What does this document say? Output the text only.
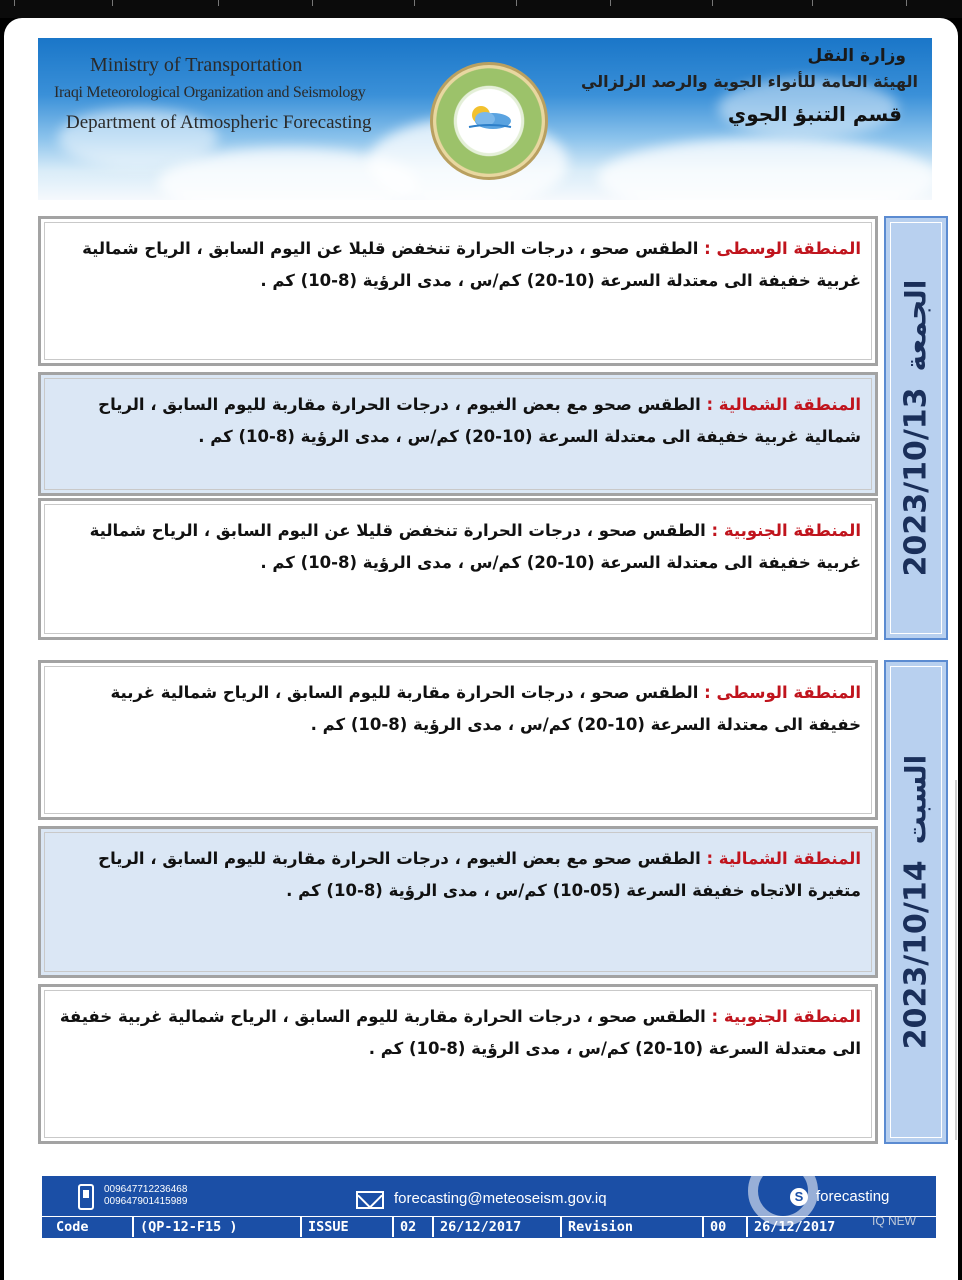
Ministry of Transportation
Iraqi Meteorological Organization and Seismology
Department of Atmospheric Forecasting
وزارة النقل
الهيئة العامة للأنواء الجوية والرصد الزلزالي
قسم التنبؤ الجوي

المنطقة الوسطى : الطقس صحو ، درجات الحرارة تنخفض قليلا عن اليوم السابق ، الرياح شمالية غربية خفيفة الى معتدلة السرعة (10-20) كم/س ، مدى الرؤية (8-10) كم .

المنطقة الشمالية : الطقس صحو مع بعض الغيوم ، درجات الحرارة مقاربة لليوم السابق ، الرياح شمالية غربية خفيفة الى معتدلة السرعة (10-20) كم/س ، مدى الرؤية (8-10) كم .

المنطقة الجنوبية : الطقس صحو ، درجات الحرارة تنخفض قليلا عن اليوم السابق ، الرياح شمالية غربية خفيفة الى معتدلة السرعة (10-20) كم/س ، مدى الرؤية (8-10) كم . 2023/10/13
الجمعة

المنطقة الوسطى : الطقس صحو ، درجات الحرارة مقاربة لليوم السابق ، الرياح شمالية غربية خفيفة الى معتدلة السرعة (10-20) كم/س ، مدى الرؤية (8-10) كم .

المنطقة الشمالية : الطقس صحو مع بعض الغيوم ، درجات الحرارة مقاربة لليوم السابق ، الرياح متغيرة الاتجاه خفيفة السرعة (05-10) كم/س ، مدى الرؤية (8-10) كم .

المنطقة الجنوبية : الطقس صحو ، درجات الحرارة مقاربة لليوم السابق ، الرياح شمالية غربية خفيفة الى معتدلة السرعة (10-20) كم/س ، مدى الرؤية (8-10) كم . 2023/10/14
السبت
009647712236468
009647901415989	forecasting@meteoseism.gov.iq	S forecasting
Code	(QP-12-F15 )	ISSUE	02	26/12/2017	Revision	00	26/12/2017	IQ NEW
